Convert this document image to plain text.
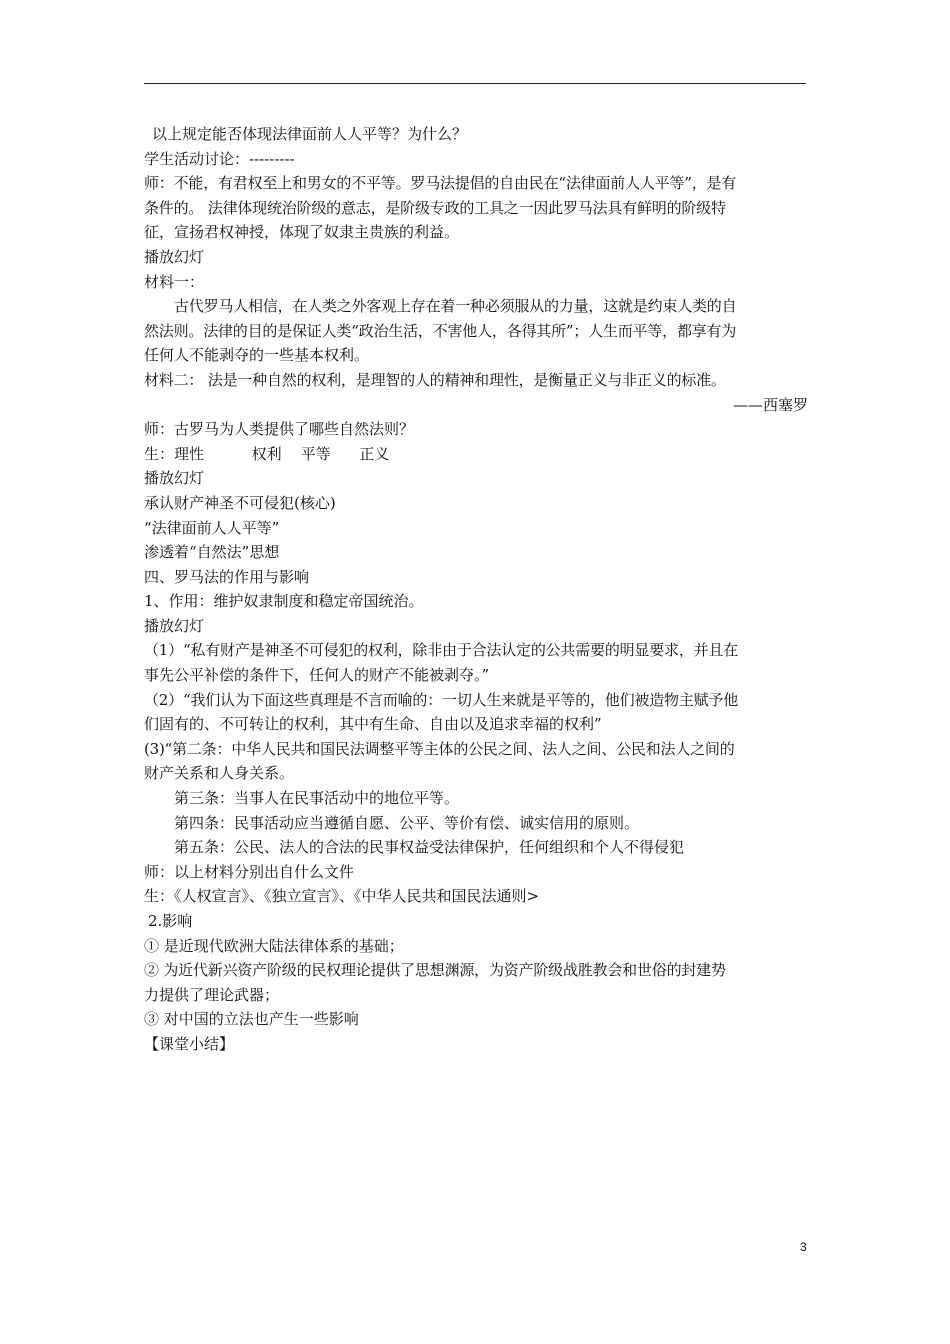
以上规定能否体现法律面前人人平等？为什么？
学生活动讨论：---------
师：不能，有君权至上和男女的不平等。罗马法提倡的自由民在“法律面前人人平等”，是有
条件的。 法律体现统治阶级的意志，是阶级专政的工具之一因此罗马法具有鲜明的阶级特
征，宣扬君权神授，体现了奴隶主贵族的利益。
播放幻灯
材料一：
古代罗马人相信，在人类之外客观上存在着一种必须服从的力量，这就是约束人类的自
然法则。法律的目的是保证人类“政治生活，不害他人，各得其所”；人生而平等，都享有为
任何人不能剥夺的一些基本权利。
材料二： 法是一种自然的权利，是理智的人的精神和理性，是衡量正义与非正义的标准。
——西塞罗
师：古罗马为人类提供了哪些自然法则？
生：理性          权利    平等      正义
播放幻灯
承认财产神圣不可侵犯(核心)
“法律面前人人平等”
渗透着“自然法”思想
四、罗马法的作用与影响
1、作用：维护奴隶制度和稳定帝国统治。
播放幻灯
（1）“私有财产是神圣不可侵犯的权利，除非由于合法认定的公共需要的明显要求，并且在
事先公平补偿的条件下，任何人的财产不能被剥夺。”
（2）“我们认为下面这些真理是不言而喻的：一切人生来就是平等的，他们被造物主赋予他
们固有的、不可转让的权利，其中有生命、自由以及追求幸福的权利”
(3)“第二条：中华人民共和国民法调整平等主体的公民之间、法人之间、公民和法人之间的
财产关系和人身关系。
第三条：当事人在民事活动中的地位平等。
第四条：民事活动应当遵循自愿、公平、等价有偿、诚实信用的原则。
第五条：公民、法人的合法的民事权益受法律保护，任何组织和个人不得侵犯
师：以上材料分别出自什么文件
生：《人权宣言》、《独立宣言》、《中华人民共和国民法通则>
2.影响
① 是近现代欧洲大陆法律体系的基础；
② 为近代新兴资产阶级的民权理论提供了思想渊源，为资产阶级战胜教会和世俗的封建势
力提供了理论武器；
③ 对中国的立法也产生一些影响
【课堂小结】
3
